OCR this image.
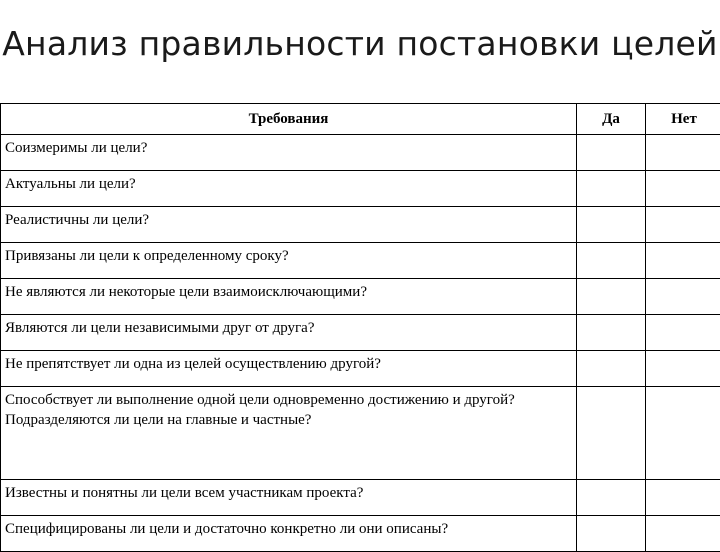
Анализ правильности постановки целей
Требования	Да	Нет
Соизмеримы ли цели?		
Актуальны ли цели?		
Реалистичны ли цели?		
Привязаны ли цели к определенному сроку?		
Не являются ли некоторые цели взаимоисключающими?		
Являются ли цели независимыми друг от друга?		
Не препятствует ли одна из целей осуществлению другой?		

Способствует ли выполнение одной цели одновременно достижению и другой?
Подразделяются ли цели на главные и частные?		

Известны и понятны ли цели всем участникам проекта?		
Специфицированы ли цели и достаточно конкретно ли они описаны?		
